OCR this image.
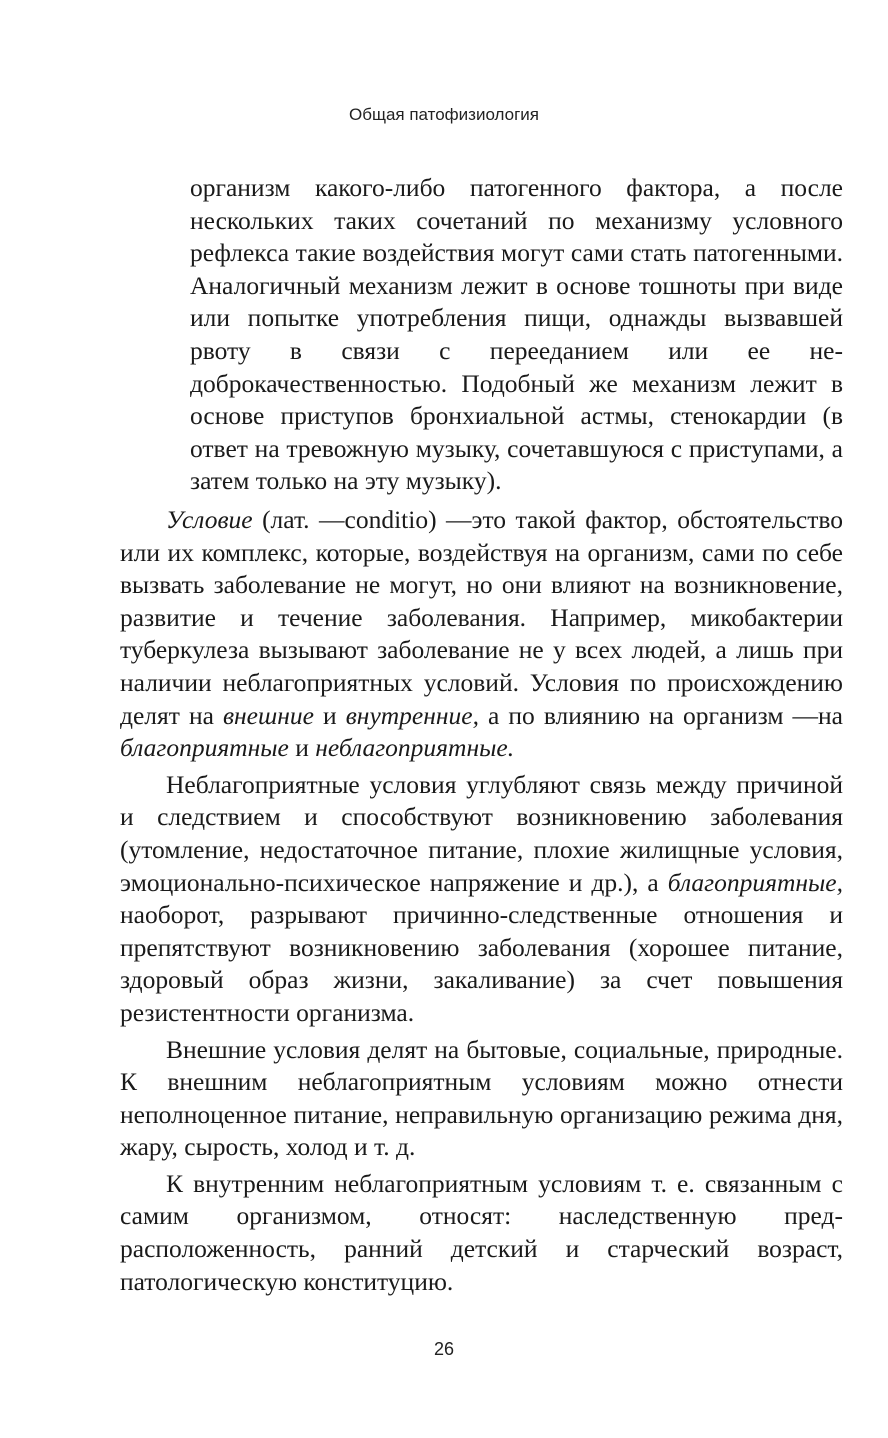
Общая патофизиология

организм какого-либо патогенного фактора, а после нескольких таких сочетаний по механизму условного рефлекса такие воздействия могут сами стать патогенными. Аналогичный механизм лежит в основе тошноты при виде или попытке употребления пищи, однажды вызвавшей рвоту в связи с перееданием или ее недоброкачественностью. Подобный же механизм лежит в основе приступов бронхиальной астмы, стенокардии (в ответ на тревожную музыку, сочетавшуюся с приступами, а затем только на эту музыку).

Условие (лат. —conditio) —это такой фактор, обстоятельство или их комплекс, которые, воздействуя на организм, сами по себе вызвать заболевание не могут, но они влияют на возникновение, развитие и течение заболевания. Например, микобактерии туберкулеза вызывают заболевание не у всех людей, а лишь при наличии неблагоприятных условий. Условия по происхождению делят на внешние и внутренние, а по влиянию на организм —на благоприятные и неблагоприятные.

Неблагоприятные условия углубляют связь между причиной и следствием и способствуют возникновению заболевания (утомление, недостаточное питание, плохие жилищные условия, эмоционально-психическое напряжение и др.), а благоприятные, наоборот, разрывают причинно-следственные отношения и препятствуют возникновению заболевания (хорошее питание, здоровый образ жизни, закаливание) за счет повышения резистентности организма.

Внешние условия делят на бытовые, социальные, природные. К внешним неблагоприятным условиям можно отнести неполноценное питание, неправильную организацию режима дня, жару, сырость, холод и т. д.

К внутренним неблагоприятным условиям т. е. связанным с самим организмом, относят: наследственную предрасположенность, ранний детский и старческий возраст, патологическую конституцию.

26
